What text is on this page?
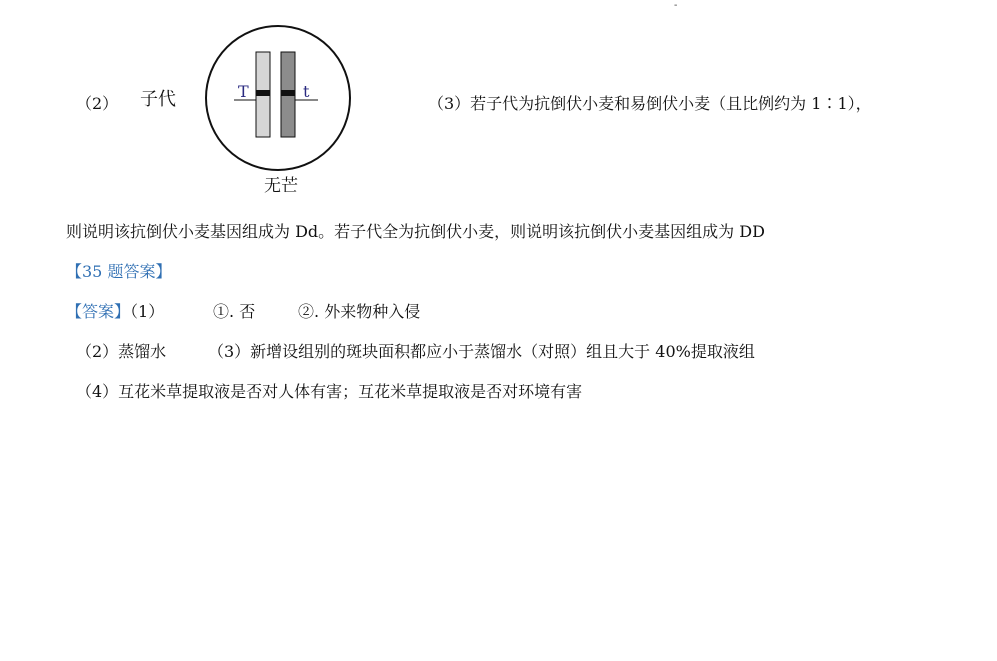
-
（2） 子代	T	t
无芒
（3）若子代为抗倒伏小麦和易倒伏小麦（且比例约为 1∶1），
则说明该抗倒伏小麦基因组成为 Dd。若子代全为抗倒伏小麦，则说明该抗倒伏小麦基因组成为 DD
【35 题答案】
【答案】（1）	①. 否	②. 外来物种入侵
（2）蒸馏水	（3）新增设组别的斑块面积都应小于蒸馏水（对照）组且大于 40%提取液组
（4）互花米草提取液是否对人体有害；互花米草提取液是否对环境有害
